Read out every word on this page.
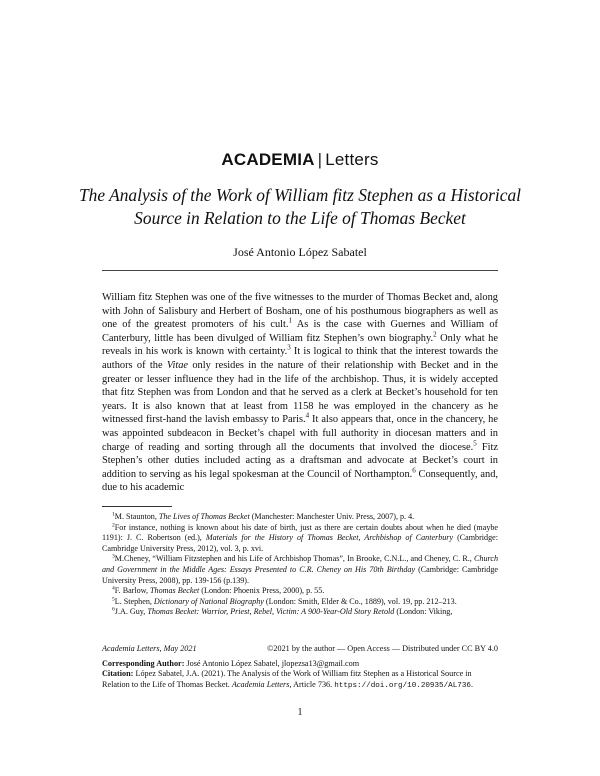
ACADEMIA | Letters
The Analysis of the Work of William fitz Stephen as a Historical Source in Relation to the Life of Thomas Becket
José Antonio López Sabatel
William fitz Stephen was one of the five witnesses to the murder of Thomas Becket and, along with John of Salisbury and Herbert of Bosham, one of his posthumous biographers as well as one of the greatest promoters of his cult.$^1$ As is the case with Guernes and William of Canterbury, little has been divulged of William fitz Stephen’s own biography.$^2$ Only what he reveals in his work is known with certainty.$^3$ It is logical to think that the interest towards the authors of the Vitae only resides in the nature of their relationship with Becket and in the greater or lesser influence they had in the life of the archbishop. Thus, it is widely accepted that fitz Stephen was from London and that he served as a clerk at Becket’s household for ten years. It is also known that at least from 1158 he was employed in the chancery as he witnessed first-hand the lavish embassy to Paris.$^4$ It also appears that, once in the chancery, he was appointed subdeacon in Becket’s chapel with full authority in diocesan matters and in charge of reading and sorting through all the documents that involved the diocese.$^5$ Fitz Stephen’s other duties included acting as a draftsman and advocate at Becket’s court in addition to serving as his legal spokesman at the Council of Northampton.$^6$ Consequently, and, due to his academic
$^1$M. Staunton, The Lives of Thomas Becket (Manchester: Manchester Univ. Press, 2007), p. 4.
$^2$For instance, nothing is known about his date of birth, just as there are certain doubts about when he died (maybe 1191): J. C. Robertson (ed.), Materials for the History of Thomas Becket, Archbishop of Canterbury (Cambridge: Cambridge University Press, 2012), vol. 3, p. xvi.
$^3$M.Cheney, “William Fitzstephen and his Life of Archbishop Thomas”, In Brooke, C.N.L., and Cheney, C. R., Church and Government in the Middle Ages: Essays Presented to C.R. Cheney on His 70th Birthday (Cambridge: Cambridge University Press, 2008), pp. 139-156 (p.139).
$^4$F. Barlow, Thomas Becket (London: Phoenix Press, 2000), p. 55.
$^5$L. Stephen, Dictionary of National Biography (London: Smith, Elder & Co., 1889), vol. 19, pp. 212–213.
$^6$J.A. Guy, Thomas Becket: Warrior, Priest, Rebel, Victim: A 900-Year-Old Story Retold (London: Viking,
Academia Letters, May 2021	©2021 by the author — Open Access — Distributed under CC BY 4.0
Corresponding Author: José Antonio López Sabatel, jlopezsa13@gmail.com
Citation: López Sabatel, J.A. (2021). The Analysis of the Work of William fitz Stephen as a Historical Source in Relation to the Life of Thomas Becket. Academia Letters, Article 736. https://doi.org/10.20935/AL736.
1
